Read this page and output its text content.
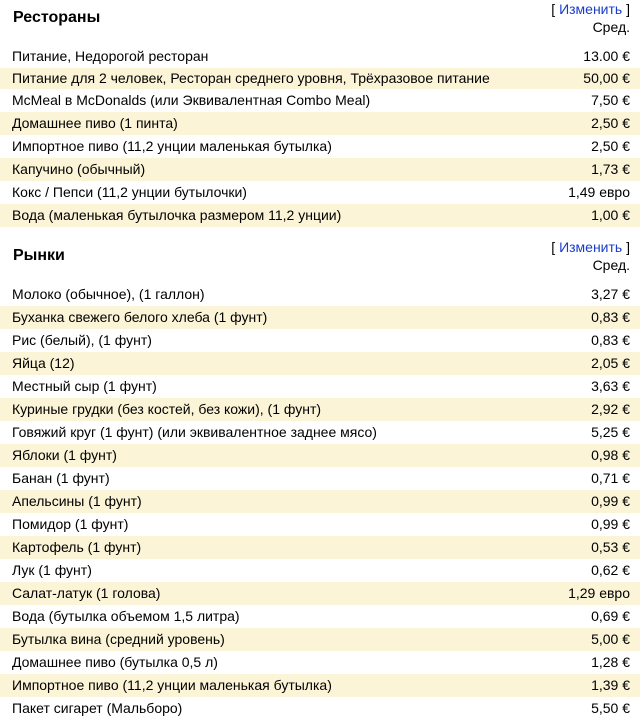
Рестораны	[ Изменить ]
Сред.
Питание, Недорогой ресторан	13.00 €
Питание для 2 человек, Ресторан среднего уровня, Трёхразовое питание	50,00 €
McMeal в McDonalds (или Эквивалентная Combo Meal)	7,50 €
Домашнее пиво (1 пинта)	2,50 €
Импортное пиво (11,2 унции маленькая бутылка)	2,50 €
Капучино (обычный)	1,73 €
Кокс / Пепси (11,2 унции бутылочки)	1,49 евро
Вода (маленькая бутылочка размером 11,2 унции)	1,00 €
Рынки	[ Изменить ]
Сред.
Молоко (обычное), (1 галлон)	3,27 €
Буханка свежего белого хлеба (1 фунт)	0,83 €
Рис (белый), (1 фунт)	0,83 €
Яйца (12)	2,05 €
Местный сыр (1 фунт)	3,63 €
Куриные грудки (без костей, без кожи), (1 фунт)	2,92 €
Говяжий круг (1 фунт) (или эквивалентное заднее мясо)	5,25 €
Яблоки (1 фунт)	0,98 €
Банан (1 фунт)	0,71 €
Апельсины (1 фунт)	0,99 €
Помидор (1 фунт)	0,99 €
Картофель (1 фунт)	0,53 €
Лук (1 фунт)	0,62 €
Салат-латук (1 голова)	1,29 евро
Вода (бутылка объемом 1,5 литра)	0,69 €
Бутылка вина (средний уровень)	5,00 €
Домашнее пиво (бутылка 0,5 л)	1,28 €
Импортное пиво (11,2 унции маленькая бутылка)	1,39 €
Пакет сигарет (Мальборо)	5,50 €
